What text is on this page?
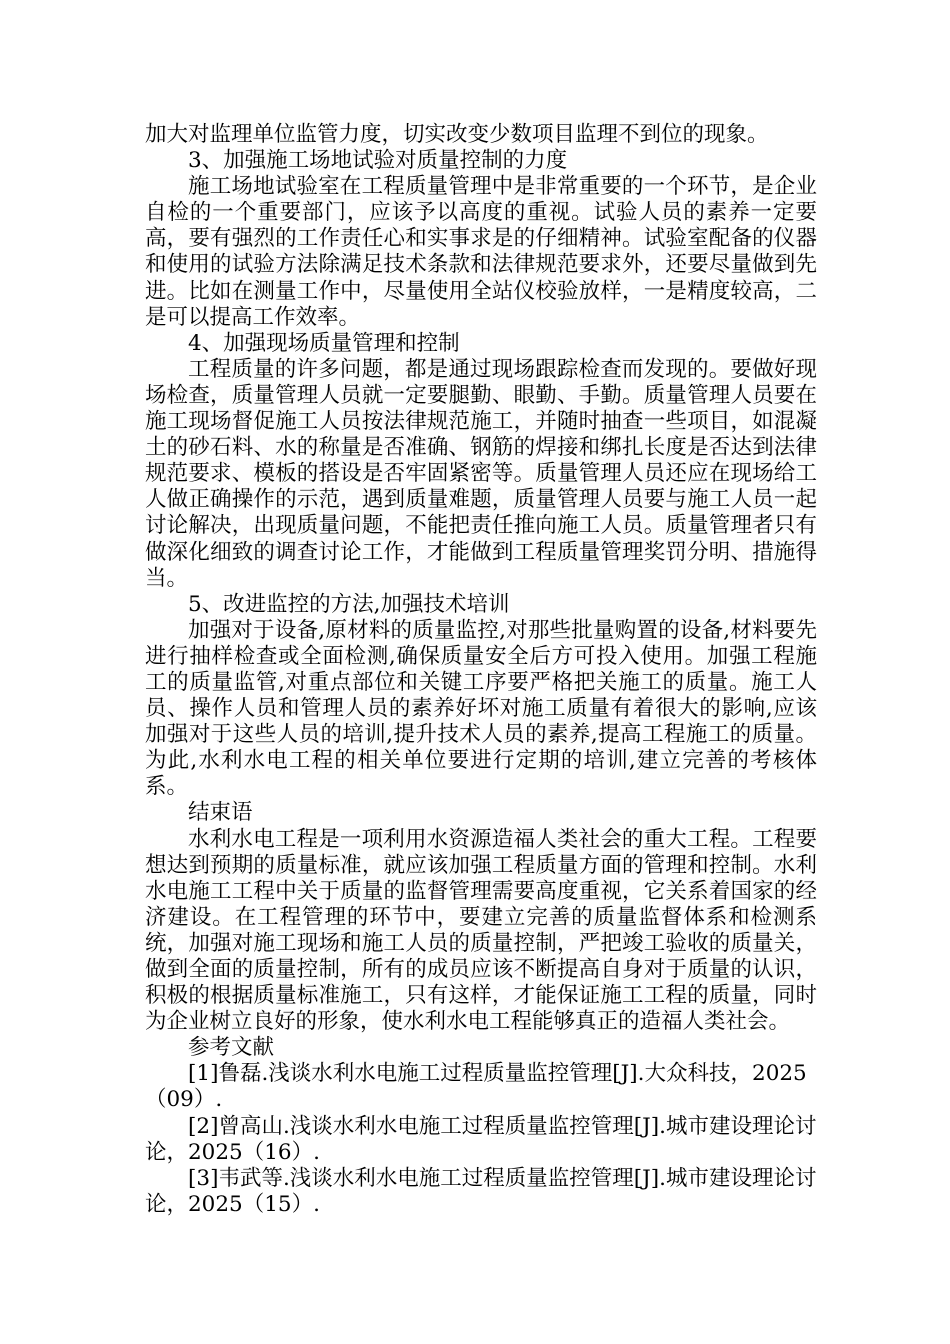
加大对监理单位监管力度，切实改变少数项目监理不到位的现象。

3、加强施工场地试验对质量控制的力度

施工场地试验室在工程质量管理中是非常重要的一个环节，是企业自检的一个重要部门，应该予以高度的重视。试验人员的素养一定要高，要有强烈的工作责任心和实事求是的仔细精神。试验室配备的仪器和使用的试验方法除满足技术条款和法律规范要求外，还要尽量做到先进。比如在测量工作中，尽量使用全站仪校验放样，一是精度较高，二是可以提高工作效率。

4、加强现场质量管理和控制

工程质量的许多问题，都是通过现场跟踪检查而发现的。要做好现场检查，质量管理人员就一定要腿勤、眼勤、手勤。质量管理人员要在施工现场督促施工人员按法律规范施工，并随时抽查一些项目，如混凝土的砂石料、水的称量是否准确、钢筋的焊接和绑扎长度是否达到法律规范要求、模板的搭设是否牢固紧密等。质量管理人员还应在现场给工人做正确操作的示范，遇到质量难题，质量管理人员要与施工人员一起讨论解决，出现质量问题，不能把责任推向施工人员。质量管理者只有做深化细致的调查讨论工作，才能做到工程质量管理奖罚分明、措施得当。

5、改进监控的方法,加强技术培训

加强对于设备,原材料的质量监控,对那些批量购置的设备,材料要先进行抽样检查或全面检测,确保质量安全后方可投入使用。加强工程施工的质量监管,对重点部位和关键工序要严格把关施工的质量。施工人员、操作人员和管理人员的素养好坏对施工质量有着很大的影响,应该加强对于这些人员的培训,提升技术人员的素养,提高工程施工的质量。为此,水利水电工程的相关单位要进行定期的培训,建立完善的考核体系。

结束语

水利水电工程是一项利用水资源造福人类社会的重大工程。工程要想达到预期的质量标准，就应该加强工程质量方面的管理和控制。水利水电施工工程中关于质量的监督管理需要高度重视，它关系着国家的经济建设。在工程管理的环节中，要建立完善的质量监督体系和检测系统，加强对施工现场和施工人员的质量控制，严把竣工验收的质量关，做到全面的质量控制，所有的成员应该不断提高自身对于质量的认识，积极的根据质量标准施工，只有这样，才能保证施工工程的质量，同时为企业树立良好的形象，使水利水电工程能够真正的造福人类社会。

参考文献

[1]鲁磊.浅谈水利水电施工过程质量监控管理[J].大众科技，2025（09）.

[2]曾高山.浅谈水利水电施工过程质量监控管理[J].城市建设理论讨论，2025（16）.

[3]韦武等.浅谈水利水电施工过程质量监控管理[J].城市建设理论讨论，2025（15）.
